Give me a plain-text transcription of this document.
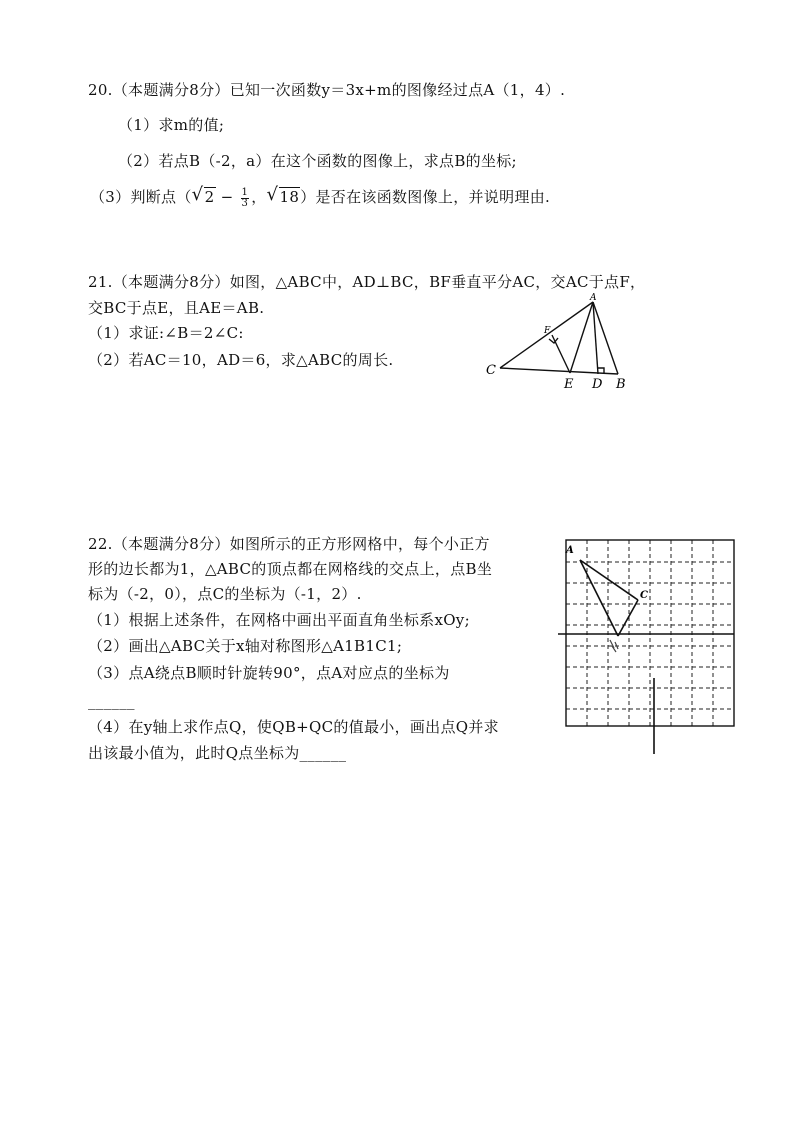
20.（本题满分8分）已知一次函数y＝3x+m的图像经过点A（1，4）.
（1）求m的值;
（2）若点B（-2，a）在这个函数的图像上，求点B的坐标;
（3）判断点（ √ $2 - \frac{1}{3}$ ， √ 18）是否在该函数图像上，并说明理由.
21.（本题满分8分）如图，△ABC中，AD⊥BC，BF垂直平分AC，交AC于点F，
交BC于点E，且AE＝AB.
（1）求证:∠B＝2∠C:
（2）若AC＝10，AD＝6，求△ABC的周长.
C
A
F
E D B
22.（本题满分8分）如图所示的正方形网格中，每个小正方
形的边长都为1，△ABC的顶点都在网格线的交点上，点B坐
标为（-2，0），点C的坐标为（-1，2）.
（1）根据上述条件，在网格中画出平面直角坐标系xOy;
（2）画出△ABC关于x轴对称图形△A1B1C1;
（3）点A绕点B顺时针旋转90°，点A对应点的坐标为
______
（4）在y轴上求作点Q，使QB+QC的值最小，画出点Q并求
出该最小值为，此时Q点坐标为______
A
C
